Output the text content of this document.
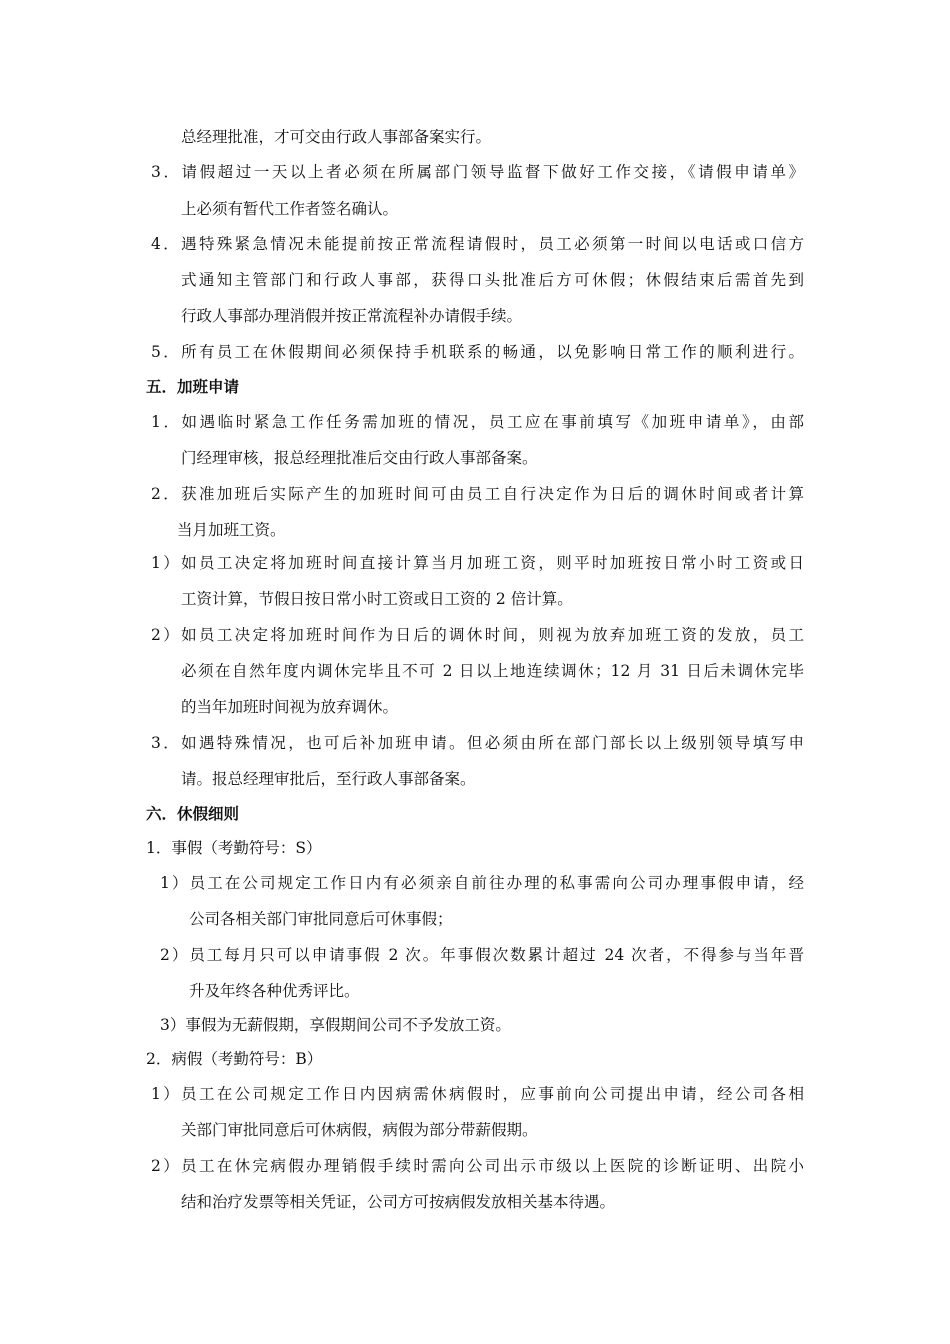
总经理批准，才可交由行政人事部备案实行。
3．请假超过一天以上者必须在所属部门领导监督下做好工作交接，《请假申请单》
上必须有暂代工作者签名确认。
4．遇特殊紧急情况未能提前按正常流程请假时，员工必须第一时间以电话或口信方
式通知主管部门和行政人事部，获得口头批准后方可休假；休假结束后需首先到
行政人事部办理消假并按正常流程补办请假手续。
5．所有员工在休假期间必须保持手机联系的畅通，以免影响日常工作的顺利进行。
五．加班申请
1．如遇临时紧急工作任务需加班的情况，员工应在事前填写《加班申请单》，由部
门经理审核，报总经理批准后交由行政人事部备案。
2．获准加班后实际产生的加班时间可由员工自行决定作为日后的调休时间或者计算
当月加班工资。
1）如员工决定将加班时间直接计算当月加班工资，则平时加班按日常小时工资或日
工资计算，节假日按日常小时工资或日工资的 2 倍计算。
2）如员工决定将加班时间作为日后的调休时间，则视为放弃加班工资的发放，员工
必须在自然年度内调休完毕且不可 2 日以上地连续调休；12 月 31 日后未调休完毕
的当年加班时间视为放弃调休。
3．如遇特殊情况，也可后补加班申请。但必须由所在部门部长以上级别领导填写申
请。报总经理审批后，至行政人事部备案。
六．休假细则
1．事假（考勤符号：S）
1）员工在公司规定工作日内有必须亲自前往办理的私事需向公司办理事假申请，经
公司各相关部门审批同意后可休事假；
2）员工每月只可以申请事假 2 次。年事假次数累计超过 24 次者，不得参与当年晋
升及年终各种优秀评比。
3）事假为无薪假期，享假期间公司不予发放工资。
2．病假（考勤符号：B）
1）员工在公司规定工作日内因病需休病假时，应事前向公司提出申请，经公司各相
关部门审批同意后可休病假，病假为部分带薪假期。
2）员工在休完病假办理销假手续时需向公司出示市级以上医院的诊断证明、出院小
结和治疗发票等相关凭证，公司方可按病假发放相关基本待遇。
